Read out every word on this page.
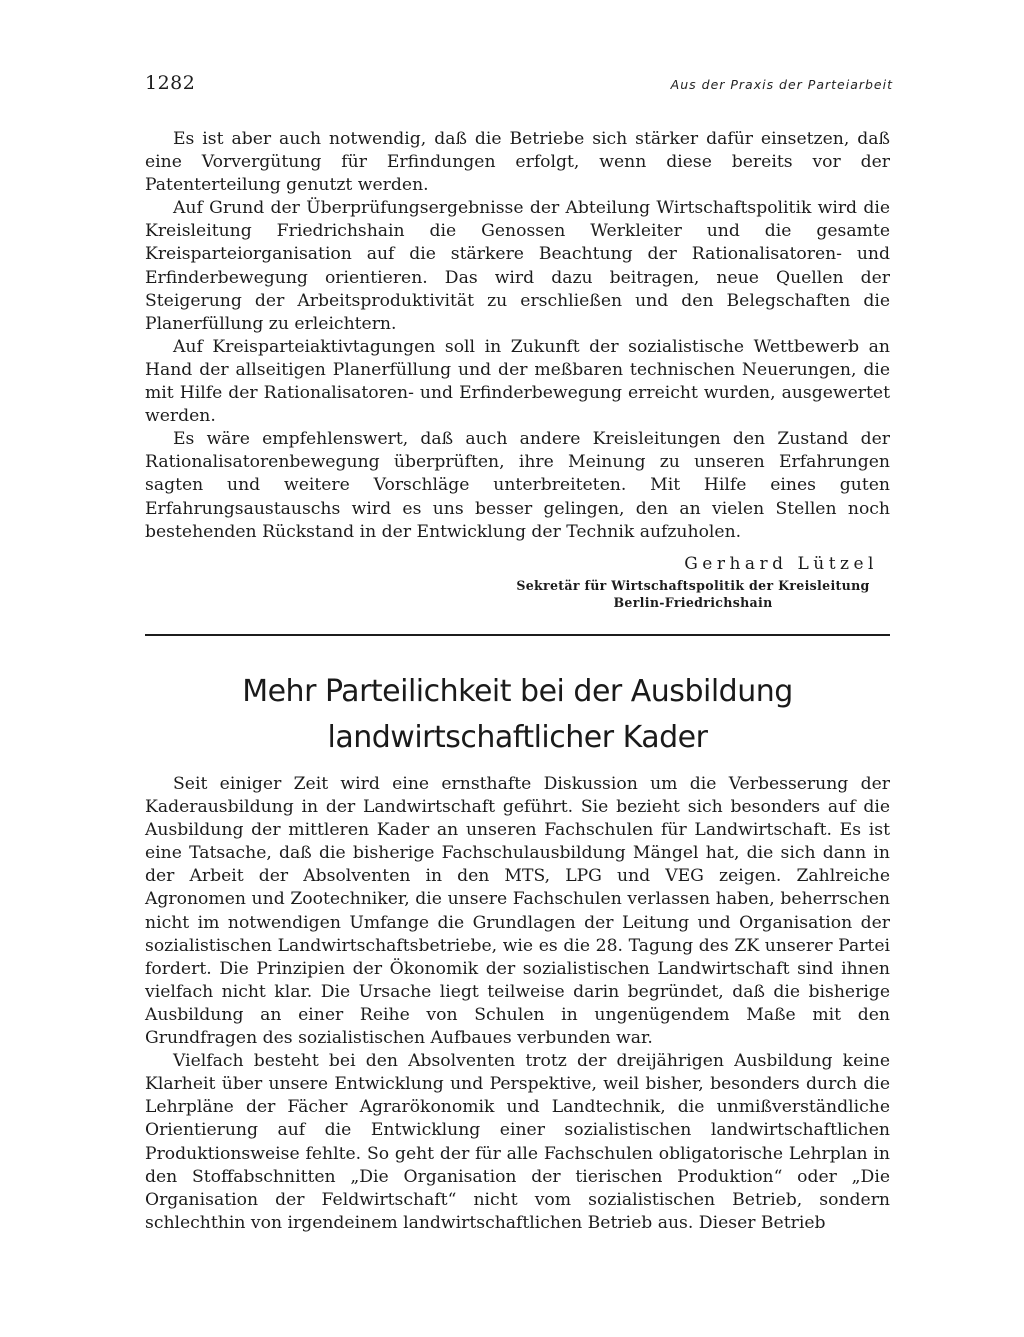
1282	Aus der Praxis der Parteiarbeit

Es ist aber auch notwendig, daß die Betriebe sich stärker dafür einsetzen, daß eine Vorvergütung für Erfindungen erfolgt, wenn diese bereits vor der Patenterteilung genutzt werden.

Auf Grund der Überprüfungsergebnisse der Abteilung Wirtschaftspolitik wird die Kreisleitung Friedrichshain die Genossen Werkleiter und die gesamte Kreisparteiorganisation auf die stärkere Beachtung der Rationalisatoren- und Erfinderbewegung orientieren. Das wird dazu beitragen, neue Quellen der Steigerung der Arbeitsproduktivität zu erschließen und den Belegschaften die Planerfüllung zu erleichtern.

Auf Kreisparteiaktivtagungen soll in Zukunft der sozialistische Wettbewerb an Hand der allseitigen Planerfüllung und der meßbaren technischen Neuerungen, die mit Hilfe der Rationalisatoren- und Erfinderbewegung erreicht wurden, ausgewertet werden.

Es wäre empfehlenswert, daß auch andere Kreisleitungen den Zustand der Rationalisatorenbewegung überprüften, ihre Meinung zu unseren Erfahrungen sagten und weitere Vorschläge unterbreiteten. Mit Hilfe eines guten Erfahrungsaustauschs wird es uns besser gelingen, den an vielen Stellen noch bestehenden Rückstand in der Entwicklung der Technik aufzuholen.

Gerhard Lützel
Sekretär für Wirtschaftspolitik der Kreisleitung
Berlin-Friedrichshain
Mehr Parteilichkeit bei der Ausbildung
landwirtschaftlicher Kader

Seit einiger Zeit wird eine ernsthafte Diskussion um die Verbesserung der Kaderausbildung in der Landwirtschaft geführt. Sie bezieht sich besonders auf die Ausbildung der mittleren Kader an unseren Fachschulen für Landwirtschaft. Es ist eine Tatsache, daß die bisherige Fachschulausbildung Mängel hat, die sich dann in der Arbeit der Absolventen in den MTS, LPG und VEG zeigen. Zahlreiche Agronomen und Zootechniker, die unsere Fachschulen verlassen haben, beherrschen nicht im notwendigen Umfange die Grundlagen der Leitung und Organisation der sozialistischen Landwirtschaftsbetriebe, wie es die 28. Tagung des ZK unserer Partei fordert. Die Prinzipien der Ökonomik der sozialistischen Landwirtschaft sind ihnen vielfach nicht klar. Die Ursache liegt teilweise darin begründet, daß die bisherige Ausbildung an einer Reihe von Schulen in ungenügendem Maße mit den Grundfragen des sozialistischen Aufbaues verbunden war.

Vielfach besteht bei den Absolventen trotz der dreijährigen Ausbildung keine Klarheit über unsere Entwicklung und Perspektive, weil bisher, besonders durch die Lehrpläne der Fächer Agrarökonomik und Landtechnik, die unmißverständliche Orientierung auf die Entwicklung einer sozialistischen landwirtschaftlichen Produktionsweise fehlte. So geht der für alle Fachschulen obligatorische Lehrplan in den Stoffabschnitten „Die Organisation der tierischen Produktion“ oder „Die Organisation der Feldwirtschaft“ nicht vom sozialistischen Betrieb, sondern schlechthin von irgendeinem landwirtschaftlichen Betrieb aus. Dieser Betrieb
